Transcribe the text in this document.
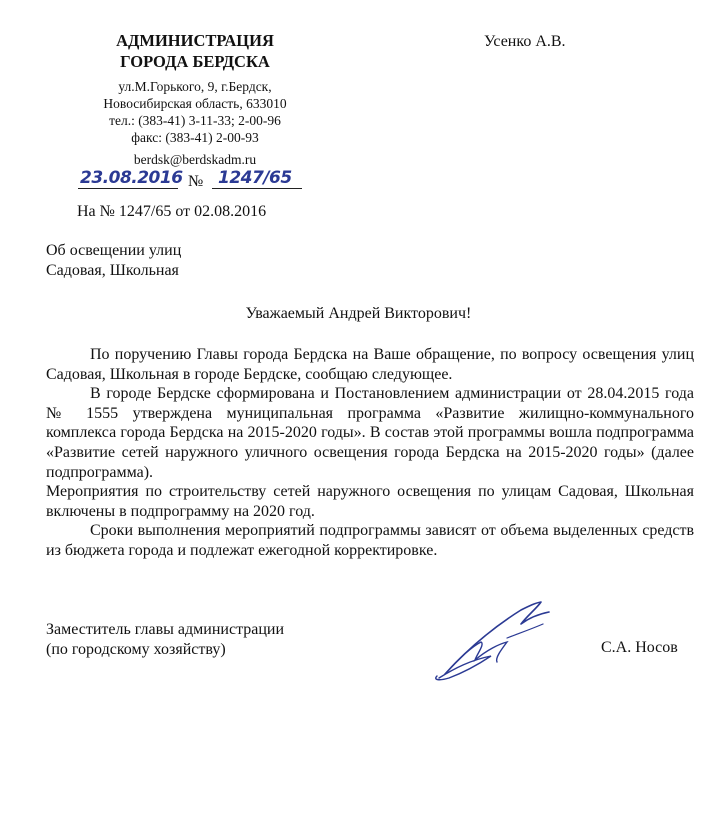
АДМИНИСТРАЦИЯ
ГОРОДА БЕРДСКА
ул.М.Горького, 9, г.Бердск,
Новосибирская область, 633010
тел.: (383-41) 3-11-33; 2-00-96
факс: (383-41) 2-00-93
berdsk@berdskadm.ru
23.08.2016 № 1247/65
На № 1247/65 от 02.08.2016
Усенко А.В.
Об освещении улиц
Садовая, Школьная
Уважаемый Андрей Викторович!

По поручению Главы города Бердска на Ваше обращение, по вопросу освещения улиц Садовая, Школьная в городе Бердске, сообщаю следующее.

В городе Бердске сформирована и Постановлением администрации от 28.04.2015 года № 1555 утверждена муниципальная программа «Развитие жилищно-коммунального комплекса города Бердска на 2015-2020 годы». В состав этой программы вошла подпрограмма «Развитие сетей наружного уличного освещения города Бердска на 2015-2020 годы» (далее подпрограмма).

Мероприятия по строительству сетей наружного освещения по улицам Садовая, Школьная включены в подпрограмму на 2020 год.

Сроки выполнения мероприятий подпрограммы зависят от объема выделенных средств из бюджета города и подлежат ежегодной корректировке.

Заместитель главы администрации
(по городскому хозяйству)	С.А. Носов
